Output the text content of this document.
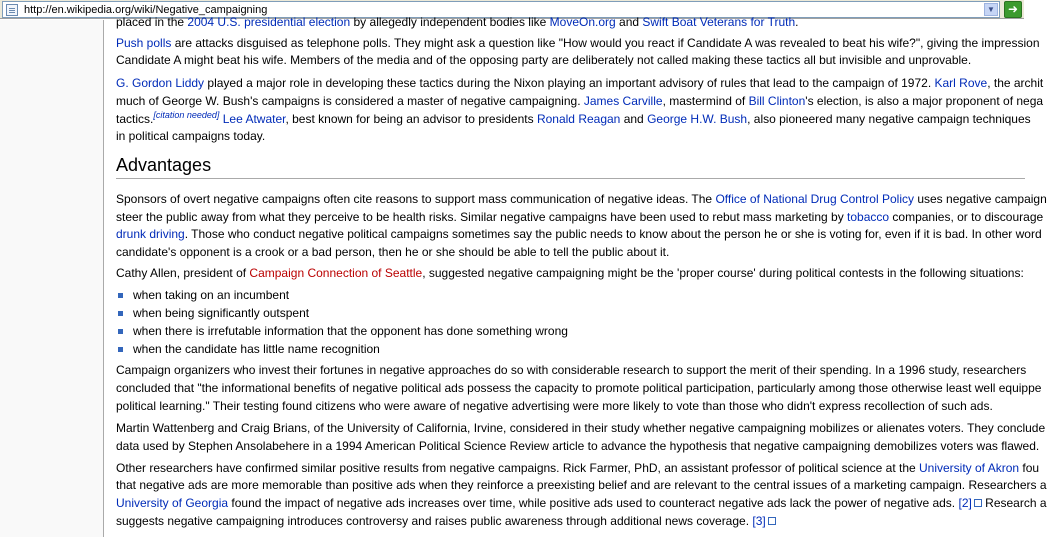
http://en.wikipedia.org/wiki/Negative_campaigning	▼	➜
placed in the 2004 U.S. presidential election by allegedly independent bodies like MoveOn.org and Swift Boat Veterans for Truth.
Push polls are attacks disguised as telephone polls. They might ask a question like "How would you react if Candidate A was revealed to beat his wife?", giving the impression
Candidate A might beat his wife. Members of the media and of the opposing party are deliberately not called making these tactics all but invisible and unprovable.
G. Gordon Liddy played a major role in developing these tactics during the Nixon playing an important advisory of rules that lead to the campaign of 1972. Karl Rove, the archit
much of George W. Bush's campaigns is considered a master of negative campaigning. James Carville, mastermind of Bill Clinton's election, is also a major proponent of nega
tactics.[citation needed] Lee Atwater, best known for being an advisor to presidents Ronald Reagan and George H.W. Bush, also pioneered many negative campaign techniques
in political campaigns today.
Advantages
Sponsors of overt negative campaigns often cite reasons to support mass communication of negative ideas. The Office of National Drug Control Policy uses negative campaign
steer the public away from what they perceive to be health risks. Similar negative campaigns have been used to rebut mass marketing by tobacco companies, or to discourage
drunk driving. Those who conduct negative political campaigns sometimes say the public needs to know about the person he or she is voting for, even if it is bad. In other word
candidate's opponent is a crook or a bad person, then he or she should be able to tell the public about it.
Cathy Allen, president of Campaign Connection of Seattle, suggested negative campaigning might be the 'proper course' during political contests in the following situations:
when taking on an incumbent
when being significantly outspent
when there is irrefutable information that the opponent has done something wrong
when the candidate has little name recognition
Campaign organizers who invest their fortunes in negative approaches do so with considerable research to support the merit of their spending. In a 1996 study, researchers
concluded that "the informational benefits of negative political ads possess the capacity to promote political participation, particularly among those otherwise least well equippe
political learning." Their testing found citizens who were aware of negative advertising were more likely to vote than those who didn't express recollection of such ads.
Martin Wattenberg and Craig Brians, of the University of California, Irvine, considered in their study whether negative campaigning mobilizes or alienates voters. They conclude
data used by Stephen Ansolabehere in a 1994 American Political Science Review article to advance the hypothesis that negative campaigning demobilizes voters was flawed.
Other researchers have confirmed similar positive results from negative campaigns. Rick Farmer, PhD, an assistant professor of political science at the University of Akron fou
that negative ads are more memorable than positive ads when they reinforce a preexisting belief and are relevant to the central issues of a marketing campaign. Researchers a
University of Georgia found the impact of negative ads increases over time, while positive ads used to counteract negative ads lack the power of negative ads. [2] Research a
suggests negative campaigning introduces controversy and raises public awareness through additional news coverage. [3]
